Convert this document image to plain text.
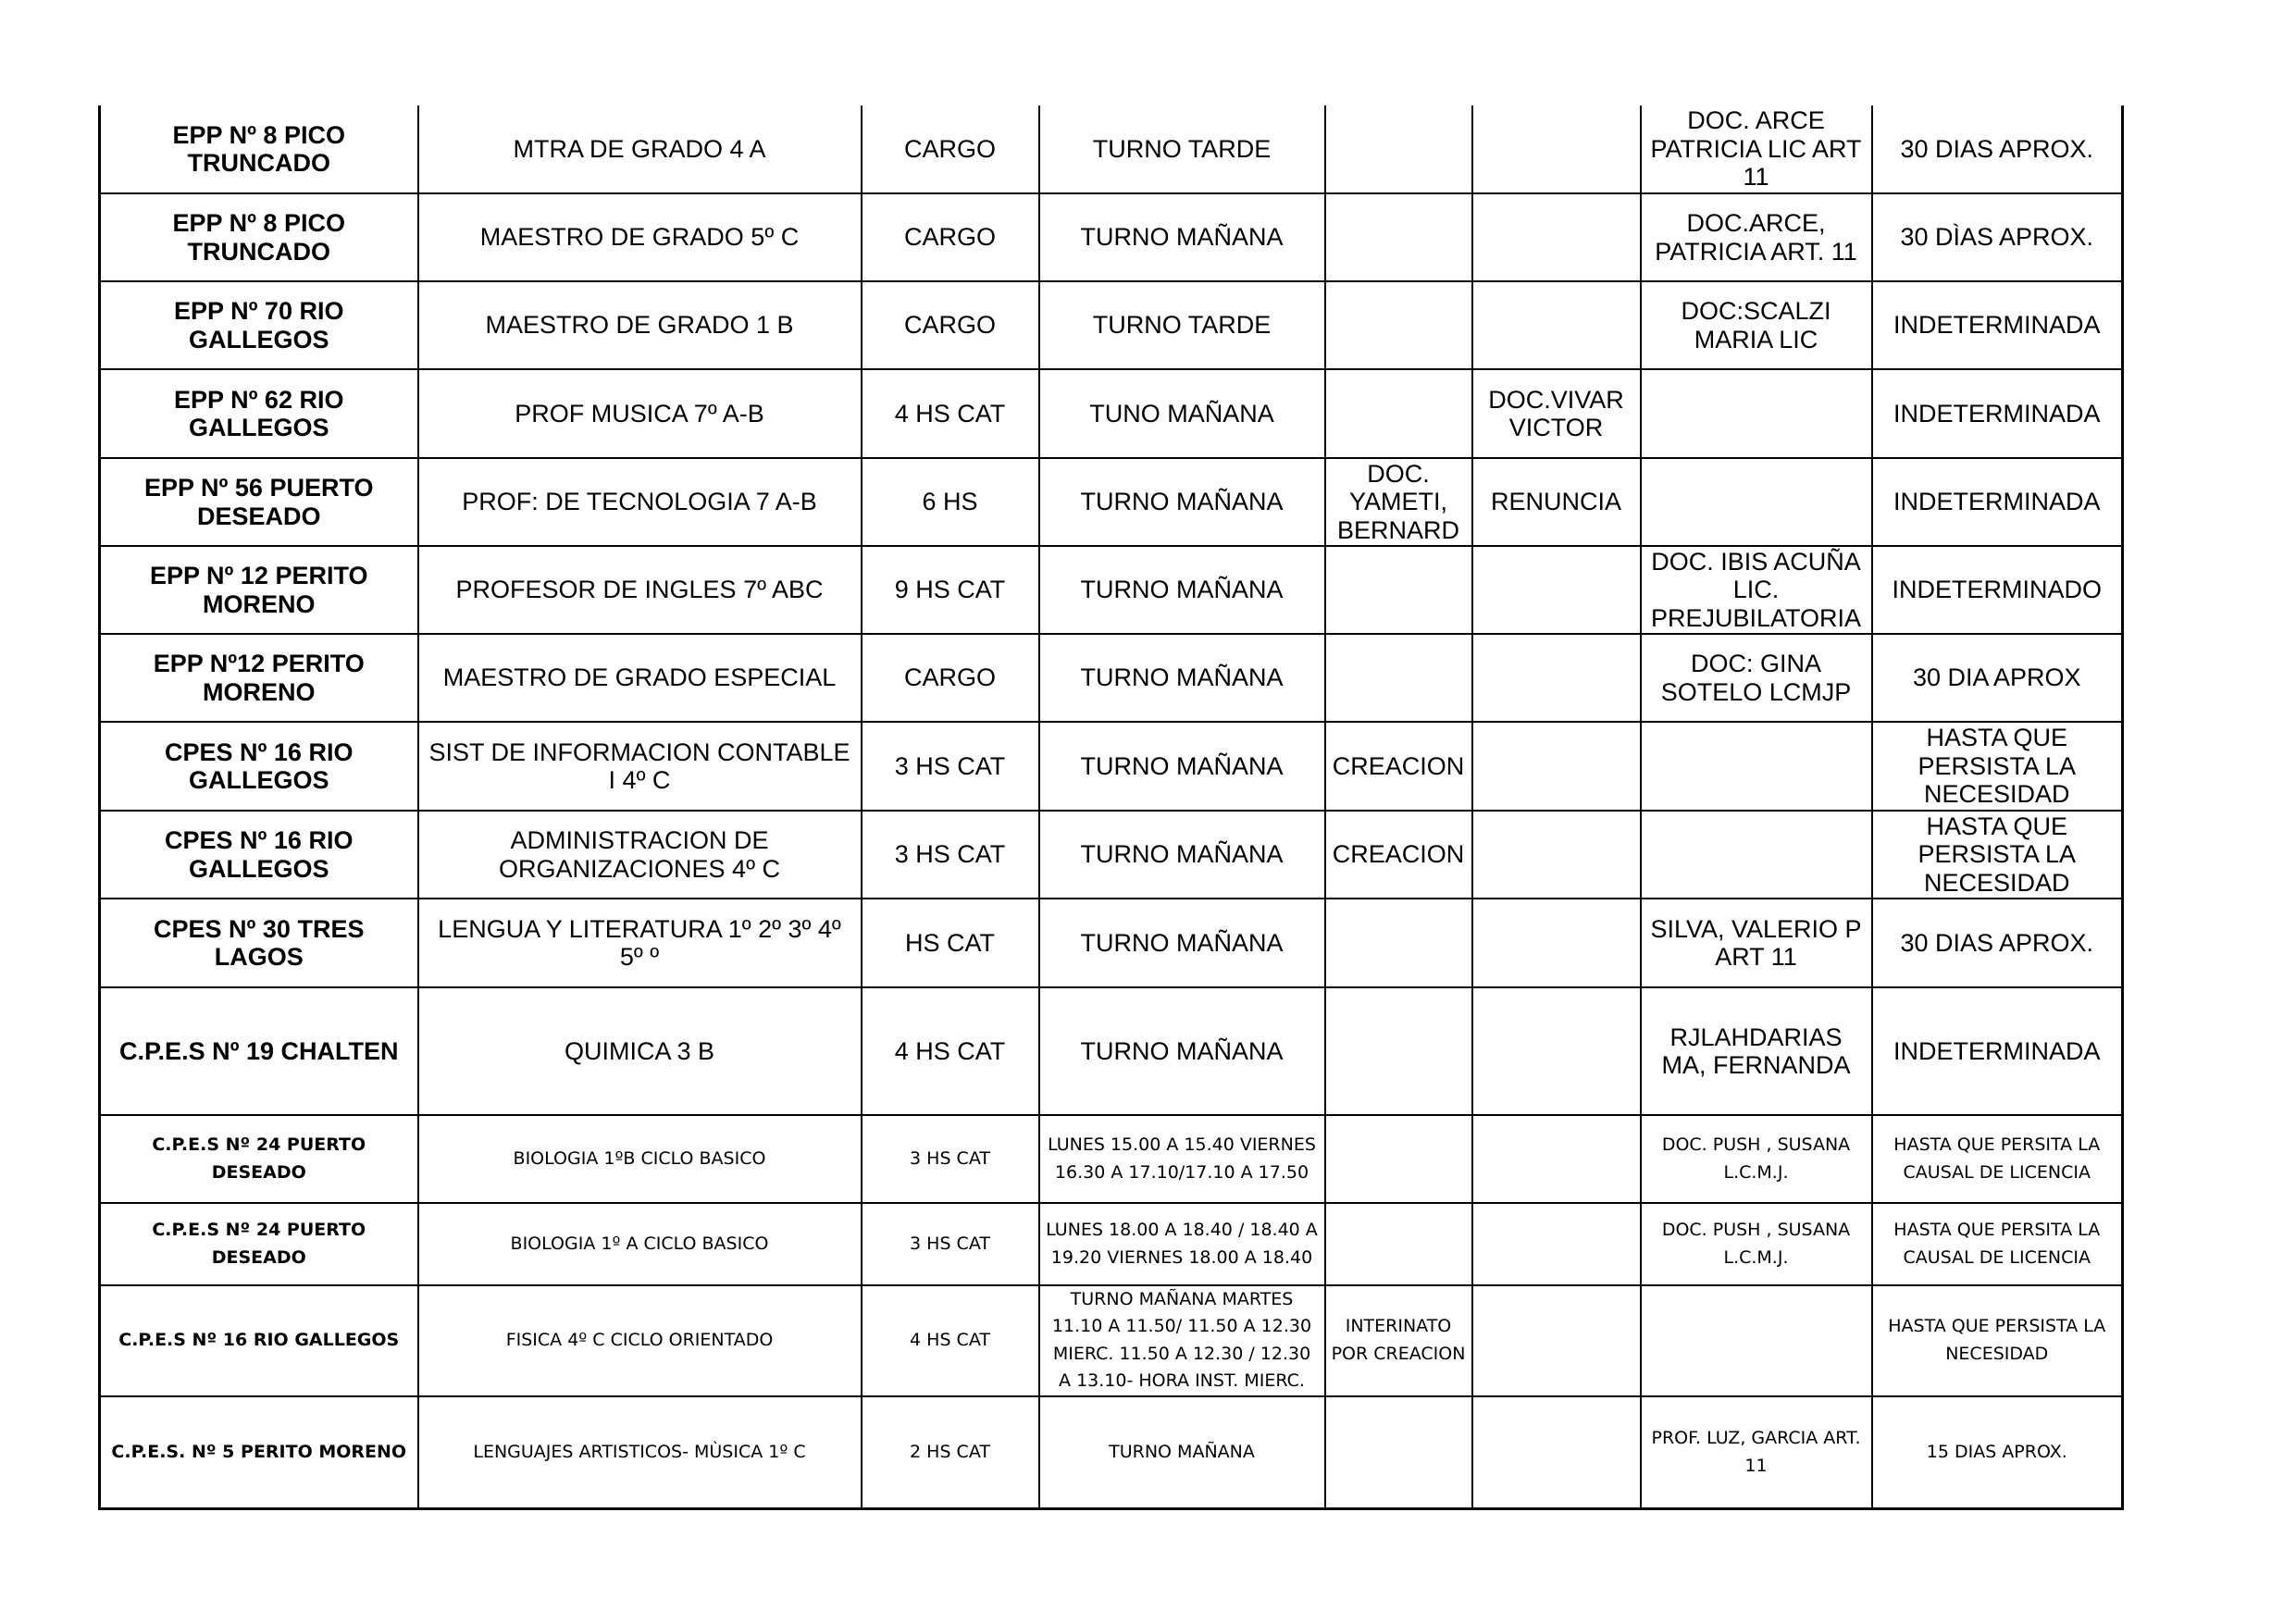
EPP Nº 8 PICO TRUNCADO	MTRA DE GRADO 4 A	CARGO	TURNO TARDE			DOC. ARCE PATRICIA LIC ART 11	30 DIAS APROX.
EPP Nº 8 PICO TRUNCADO	MAESTRO DE GRADO 5º C	CARGO	TURNO MAÑANA			DOC.ARCE, PATRICIA ART. 11	30 DÌAS APROX.
EPP Nº 70 RIO GALLEGOS	MAESTRO DE GRADO 1 B	CARGO	TURNO TARDE			DOC:SCALZI MARIA LIC	INDETERMINADA
EPP Nº 62 RIO GALLEGOS	PROF MUSICA 7º A-B	4 HS CAT	TUNO MAÑANA		DOC.VIVAR VICTOR		INDETERMINADA
EPP Nº 56 PUERTO DESEADO	PROF: DE TECNOLOGIA 7 A-B	6 HS	TURNO MAÑANA	DOC. YAMETI, BERNARD	RENUNCIA		INDETERMINADA
EPP Nº 12 PERITO MORENO	PROFESOR DE INGLES 7º ABC	9 HS CAT	TURNO MAÑANA			DOC. IBIS ACUÑA LIC. PREJUBILATORIA	INDETERMINADO
EPP Nº12 PERITO MORENO	MAESTRO DE GRADO ESPECIAL	CARGO	TURNO MAÑANA			DOC: GINA SOTELO LCMJP	30 DIA APROX
CPES Nº 16 RIO GALLEGOS	SIST DE INFORMACION CONTABLE I 4º C	3 HS CAT	TURNO MAÑANA	CREACION			HASTA QUE PERSISTA LA NECESIDAD
CPES Nº 16 RIO GALLEGOS	ADMINISTRACION DE ORGANIZACIONES 4º C	3 HS CAT	TURNO MAÑANA	CREACION			HASTA QUE PERSISTA LA NECESIDAD
CPES Nº 30 TRES LAGOS	LENGUA Y LITERATURA 1º 2º 3º 4º 5º º	HS CAT	TURNO MAÑANA			SILVA, VALERIO P ART 11	30 DIAS APROX.
C.P.E.S Nº 19 CHALTEN	QUIMICA 3 B	4 HS CAT	TURNO MAÑANA			RJLAHDARIAS MA, FERNANDA	INDETERMINADA
C.P.E.S Nº 24 PUERTO DESEADO	BIOLOGIA 1ºB CICLO BASICO	3 HS CAT	LUNES 15.00 A 15.40 VIERNES 16.30 A 17.10/17.10 A 17.50			DOC. PUSH , SUSANA L.C.M.J.	HASTA QUE PERSITA LA CAUSAL DE LICENCIA
C.P.E.S Nº 24 PUERTO DESEADO	BIOLOGIA 1º A CICLO BASICO	3 HS CAT	LUNES 18.00 A 18.40 / 18.40 A 19.20 VIERNES 18.00 A 18.40			DOC. PUSH , SUSANA L.C.M.J.	HASTA QUE PERSITA LA CAUSAL DE LICENCIA
C.P.E.S Nº 16 RIO GALLEGOS	FISICA 4º C CICLO ORIENTADO	4 HS CAT	TURNO MAÑANA MARTES 11.10 A 11.50/ 11.50 A 12.30 MIERC. 11.50 A 12.30 / 12.30 A 13.10- HORA INST. MIERC.	INTERINATO POR CREACION			HASTA QUE PERSISTA LA NECESIDAD
C.P.E.S. Nº 5 PERITO MORENO	LENGUAJES ARTISTICOS- MÙSICA 1º C	2 HS CAT	TURNO MAÑANA			PROF. LUZ, GARCIA ART. 11	15 DIAS APROX.
